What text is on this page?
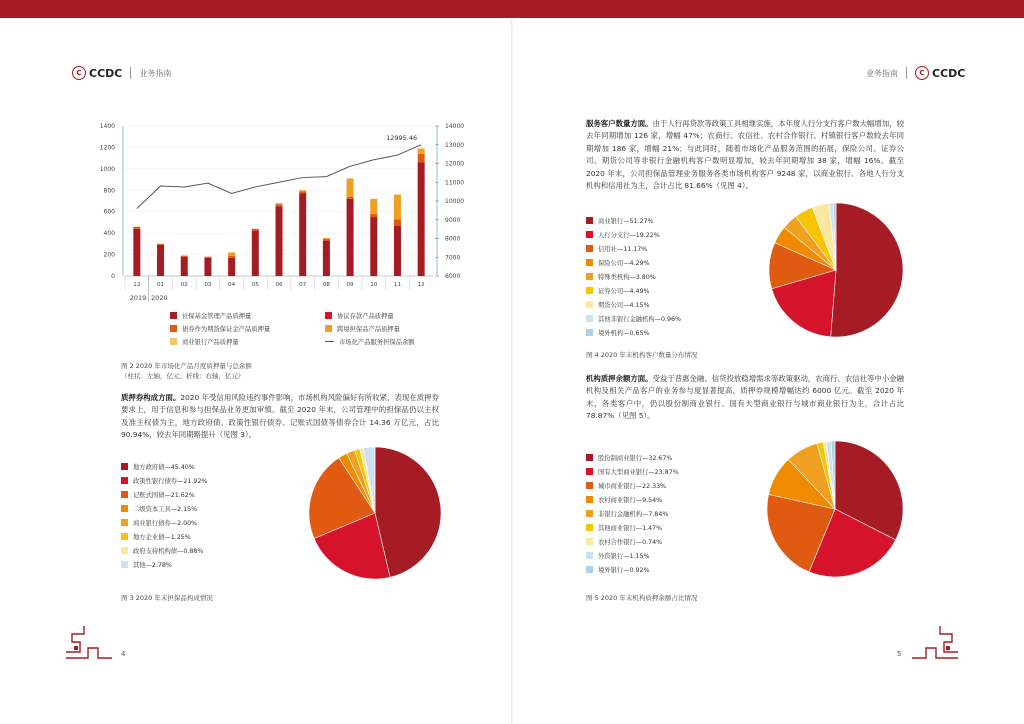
C CCDC 业务指南	业务指南	C CCDC
1400
1200
1000
800
600
400
200
0
14000
13000
12000
11000
10000
9000
8000
7000
6000
12	01	02	03	04	05	06	07	08	09	10	11	12
2019 2020
12995.46
社保基金管理产品质押量	协议存款产品质押量
债券作为期货保证金产品质押量	跨境担保品产品质押量
商业银行产品质押量	市场化产品服务担保品余额
图 2 2020 年市场化产品月度质押量与总余额
（柱状：左轴，亿元；折线：右轴，亿元）
质押券构成方面。2020 年受信用风险违约事件影响，市场机构风险偏好有所收紧，表现在质押券要求上，用于信息和参与担保品业务更加审慎。截至 2020 年末，公司管理中的担保品仍以主权及准主权债为主，地方政府债、政策性银行债券、记账式国债等债券合计 14.36 万亿元，占比 90.94%，较去年同期略提升（见图 3）。
地方政府债—45.40%
政策性银行债券—21.92%
记账式国债—21.62%
二级资本工具—2.15%
商业银行债券—2.00%
地方企业债—1.25%
政府支持机构债—0.88%
其他—2.78%
图 3 2020 年末担保品构成情况
服务客户数量方面。由于人行再贷款等政策工具相继实施，本年度人行分支行客户数大幅增加，较去年同期增加 126 家，增幅 47%；农商行、农信社、农村合作银行、村镇银行客户数较去年同期增加 186 家，增幅 21%；与此同时，随着市场化产品服务范围的拓展，保险公司、证券公司、期货公司等非银行金融机构客户数明显增加，较去年同期增加 38 家，增幅 16%。截至 2020 年末，公司担保品管理业务服务各类市场机构客户 9248 家，以商业银行、各地人行分支机构和信用社为主，合计占比 81.66%（见图 4）。
商业银行—51.27%
人行分支行—19.22%
信用社—11.17%
保险公司—4.29%
特殊类机构—3.80%
证券公司—4.49%
期货公司—4.15%
其他非银行金融机构—0.96%
境外机构—0.65%
图 4 2020 年末机构客户数量分布情况
机构质押余额方面。受益于普惠金融、信贷投放稳增需求等政策驱动，农商行、农信社等中小金融机构及相关产品客户的业务参与度显著提高，质押券规模增幅达约 6000 亿元。截至 2020 年末，各类客户中，仍以股份制商业银行、国有大型商业银行与城市商业银行为主，合计占比 78.87%（见图 5）。
股份制商业银行—32.67%
国有大型商业银行—23.87%
城市商业银行—22.33%
农村商业银行—9.54%
非银行金融机构—7.84%
其他商业银行—1.47%
农村合作银行—0.74%
外资银行—1.15%
境外银行—0.92%
图 5 2020 年末机构质押余额占比情况
4	5
